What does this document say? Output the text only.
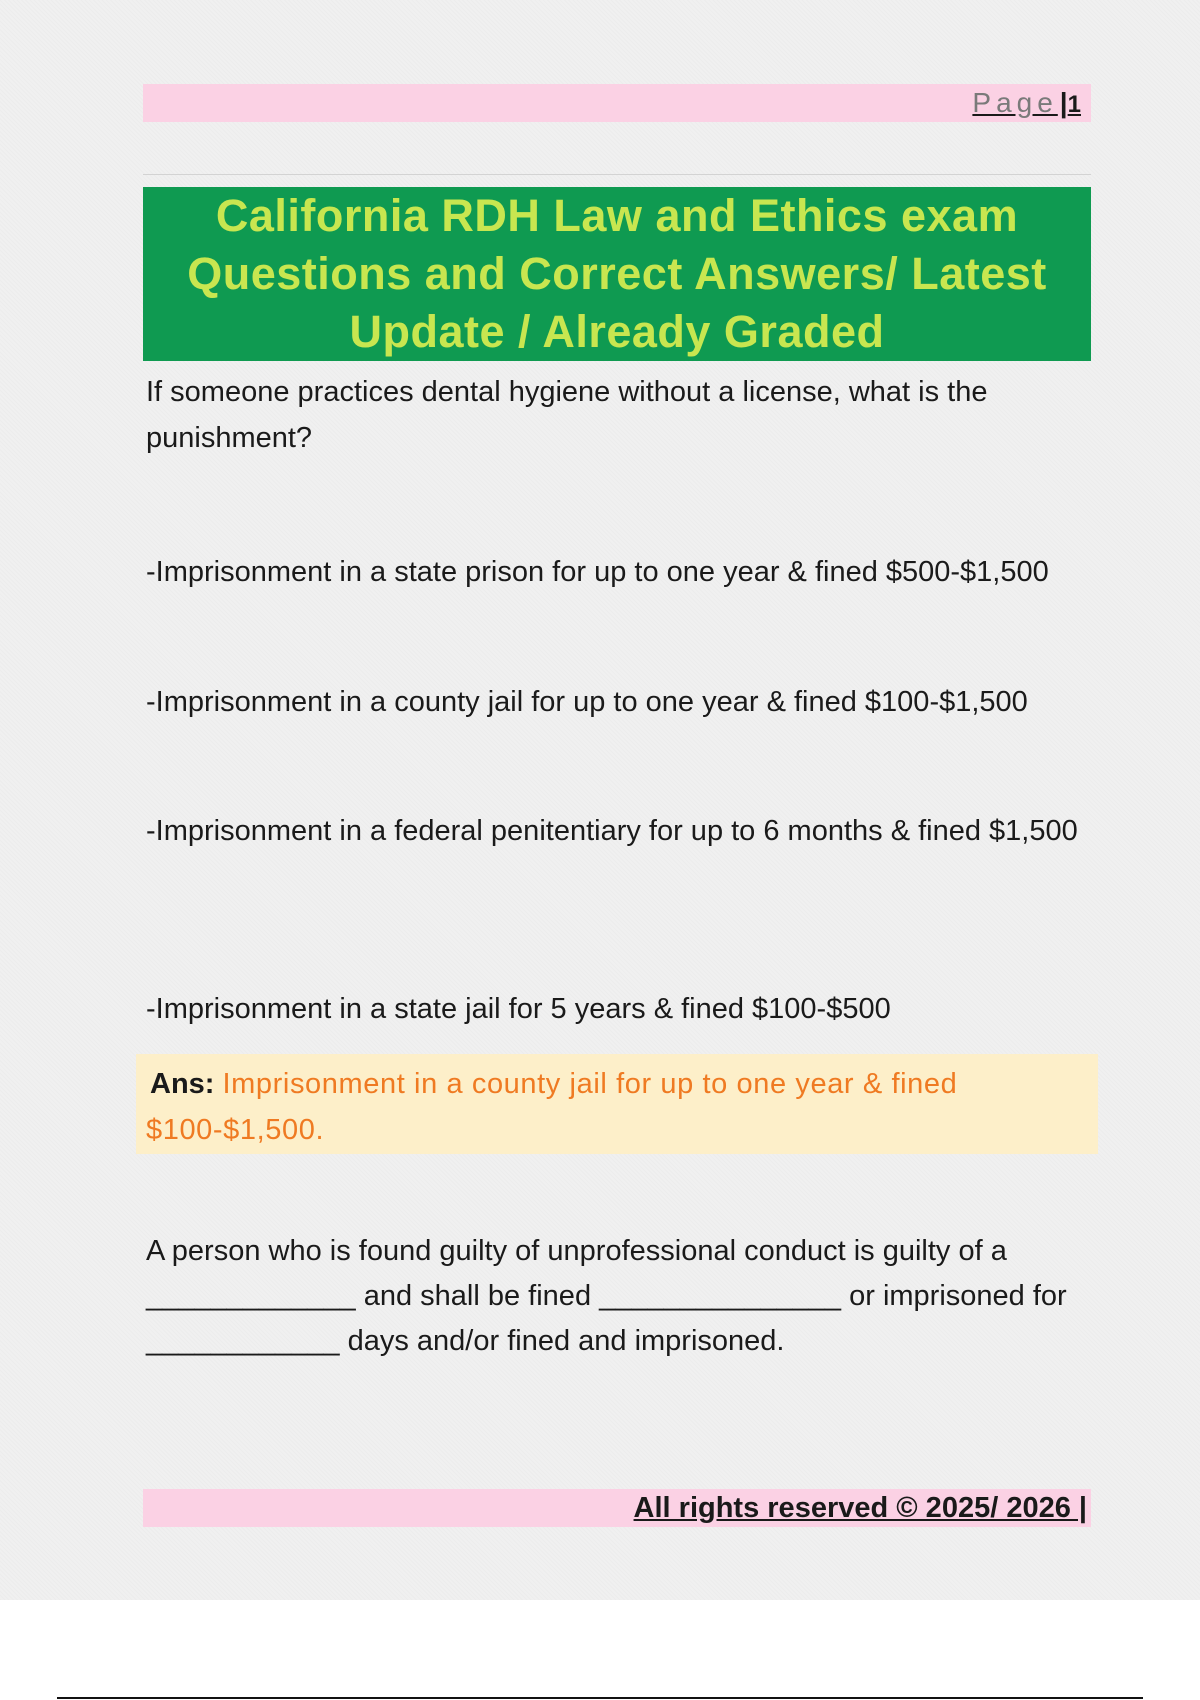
Page|1
California RDH Law and Ethics exam Questions and Correct Answers/ Latest Update / Already Graded
If someone practices dental hygiene without a license, what is the punishment?
-Imprisonment in a state prison for up to one year & fined $500-$1,500
-Imprisonment in a county jail for up to one year & fined $100-$1,500
-Imprisonment in a federal penitentiary for up to 6 months & fined $1,500
-Imprisonment in a state jail for 5 years & fined $100-$500
Ans: Imprisonment in a county jail for up to one year & fined $100-$1,500.
A person who is found guilty of unprofessional conduct is guilty of a _____________ and shall be fined _______________ or imprisoned for ____________ days and/or fined and imprisoned.
All rights reserved © 2025/ 2026 |
